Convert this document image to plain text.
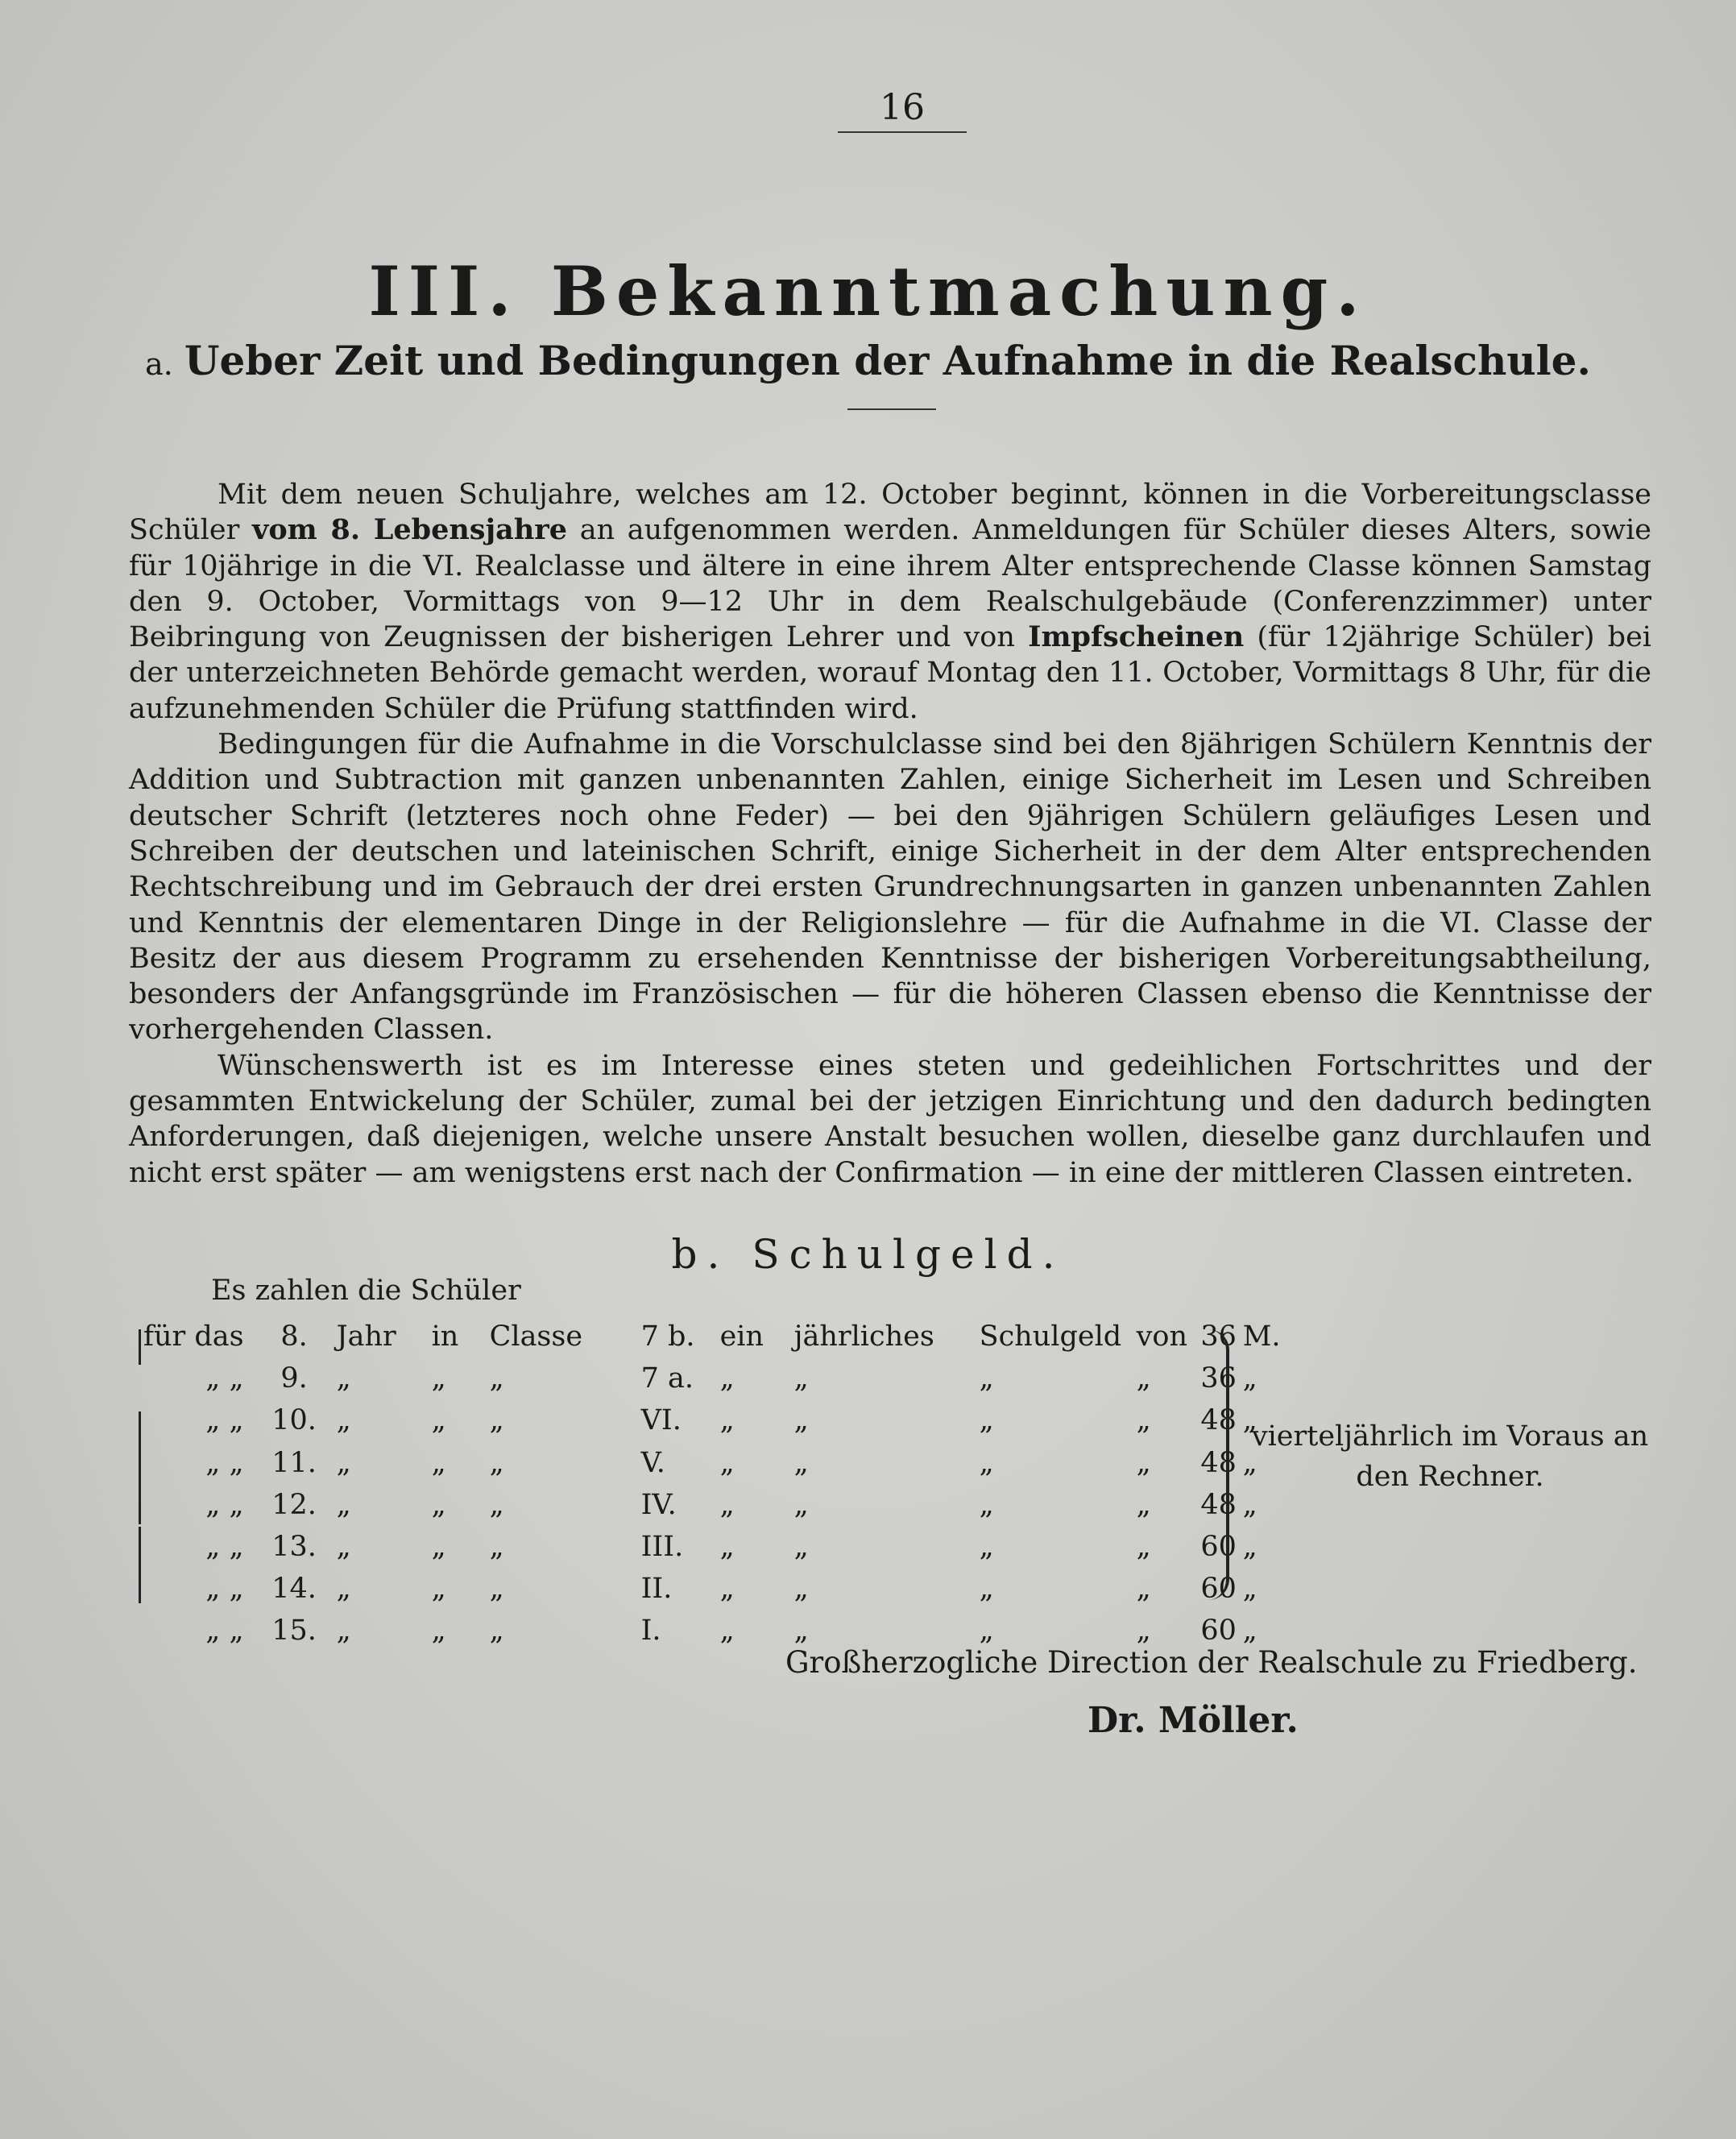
16
III. Bekanntmachung.
a. Ueber Zeit und Bedingungen der Aufnahme in die Realschule.

Mit dem neuen Schuljahre, welches am 12. October beginnt, können in die Vorbereitungsclasse Schüler vom 8. Lebensjahre an aufgenommen werden. Anmeldungen für Schüler dieses Alters, sowie für 10jährige in die VI. Realclasse und ältere in eine ihrem Alter entsprechende Classe können Samstag den 9. October, Vormittags von 9—12 Uhr in dem Realschulgebäude (Conferenzzimmer) unter Beibringung von Zeugnissen der bisherigen Lehrer und von Impfscheinen (für 12jährige Schüler) bei der unterzeichneten Behörde gemacht werden, worauf Montag den 11. October, Vormittags 8 Uhr, für die aufzunehmenden Schüler die Prüfung stattfinden wird.

Bedingungen für die Aufnahme in die Vorschulclasse sind bei den 8jährigen Schülern Kenntnis der Addition und Subtraction mit ganzen unbenannten Zahlen, einige Sicherheit im Lesen und Schreiben deutscher Schrift (letzteres noch ohne Feder) — bei den 9jährigen Schülern geläufiges Lesen und Schreiben der deutschen und lateinischen Schrift, einige Sicherheit in der dem Alter entsprechenden Rechtschreibung und im Gebrauch der drei ersten Grundrechnungsarten in ganzen unbenannten Zahlen und Kenntnis der elementaren Dinge in der Religionslehre — für die Aufnahme in die VI. Classe der Besitz der aus diesem Programm zu ersehenden Kenntnisse der bisherigen Vorbereitungsabtheilung, besonders der Anfangsgründe im Französischen — für die höheren Classen ebenso die Kenntnisse der vorhergehenden Classen.

Wünschenswerth ist es im Interesse eines steten und gedeihlichen Fortschrittes und der gesammten Entwickelung der Schüler, zumal bei der jetzigen Einrichtung und den dadurch bedingten Anforderungen, daß diejenigen, welche unsere Anstalt besuchen wollen, dieselbe ganz durchlaufen und nicht erst später — am wenigstens erst nach der Confirmation — in eine der mittleren Classen eintreten.

b. Schulgeld.
Es zahlen die Schüler
für das	8.	Jahr	in	Classe	7 b.	ein	jährliches	Schulgeld	von	36	M.
„ „	9.	„	„	„	7 a.	„	„	„	„	36	„
„ „	10.	„	„	„	VI.	„	„	„	„	48	„
„ „	11.	„	„	„	V.	„	„	„	„	48	„
„ „	12.	„	„	„	IV.	„	„	„	„	48	„
„ „	13.	„	„	„	III.	„	„	„	„	60	„
„ „	14.	„	„	„	II.	„	„	„	„	60	„
„ „	15.	„	„	„	I.	„	„	„	„	60	„
vierteljährlich im Voraus an
den Rechner.
Großherzogliche Direction der Realschule zu Friedberg.
Dr. Möller.
